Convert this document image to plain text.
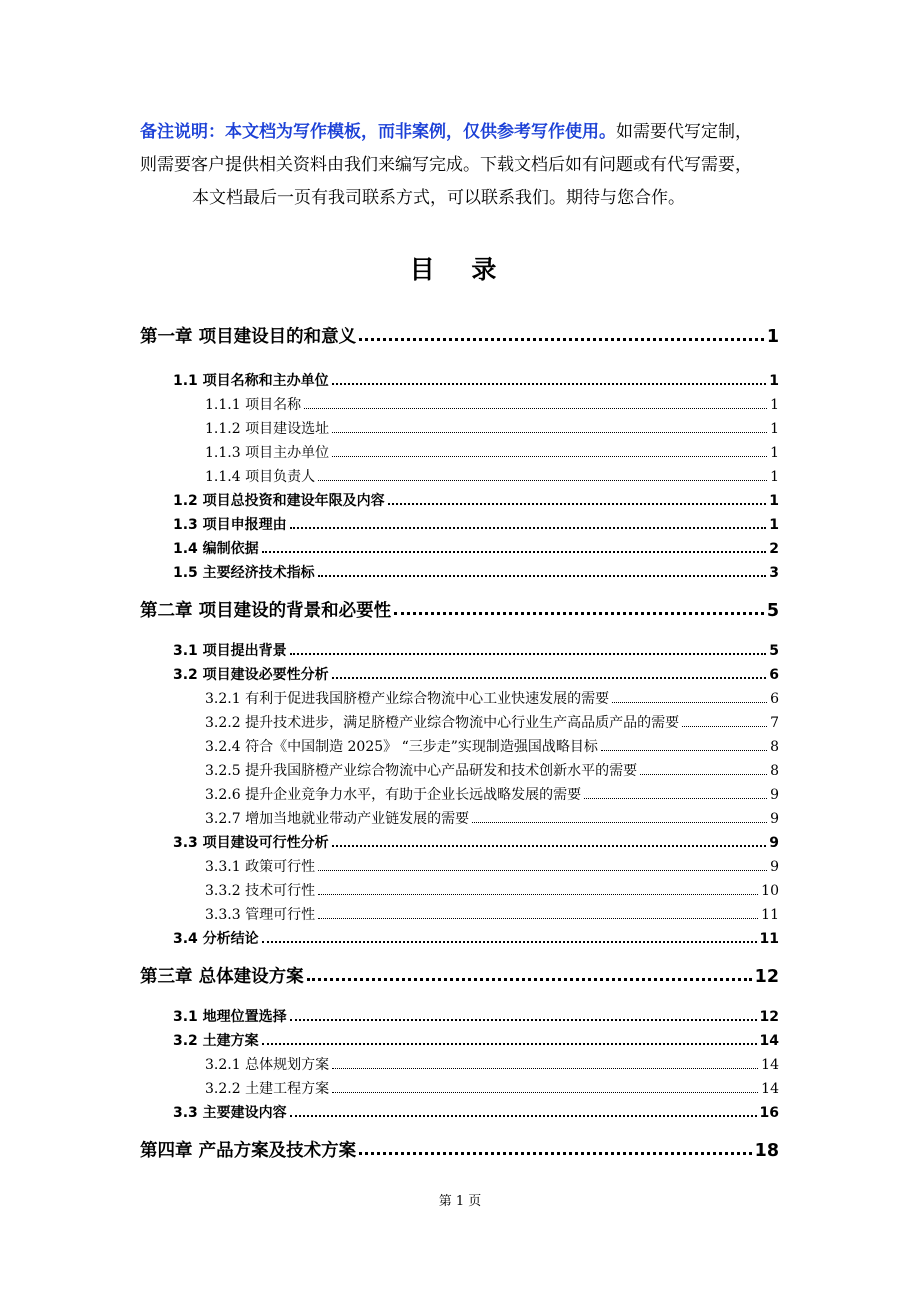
备注说明：本文档为写作模板，而非案例，仅供参考写作使用。如需要代写定制，
则需要客户提供相关资料由我们来编写完成。下载文档后如有问题或有代写需要，
本文档最后一页有我司联系方式，可以联系我们。期待与您合作。
目 录
第一章 项目建设目的和意义	1
1.1 项目名称和主办单位	1
1.1.1 项目名称	1
1.1.2 项目建设选址	1
1.1.3 项目主办单位	1
1.1.4 项目负责人	1
1.2 项目总投资和建设年限及内容	1
1.3 项目申报理由	1
1.4 编制依据	2
1.5 主要经济技术指标	3
第二章 项目建设的背景和必要性	5
3.1 项目提出背景	5
3.2 项目建设必要性分析	6
3.2.1 有利于促进我国脐橙产业综合物流中心工业快速发展的需要	6
3.2.2 提升技术进步，满足脐橙产业综合物流中心行业生产高品质产品的需要	7
3.2.4 符合《中国制造 2025》 “三步走”实现制造强国战略目标	8
3.2.5 提升我国脐橙产业综合物流中心产品研发和技术创新水平的需要	8
3.2.6 提升企业竞争力水平，有助于企业长远战略发展的需要	9
3.2.7 增加当地就业带动产业链发展的需要	9
3.3 项目建设可行性分析	9
3.3.1 政策可行性	9
3.3.2 技术可行性	10
3.3.3 管理可行性	11
3.4 分析结论	11
第三章 总体建设方案	12
3.1 地理位置选择	12
3.2 土建方案	14
3.2.1 总体规划方案	14
3.2.2 土建工程方案	14
3.3 主要建设内容	16
第四章 产品方案及技术方案	18
第 1 页
